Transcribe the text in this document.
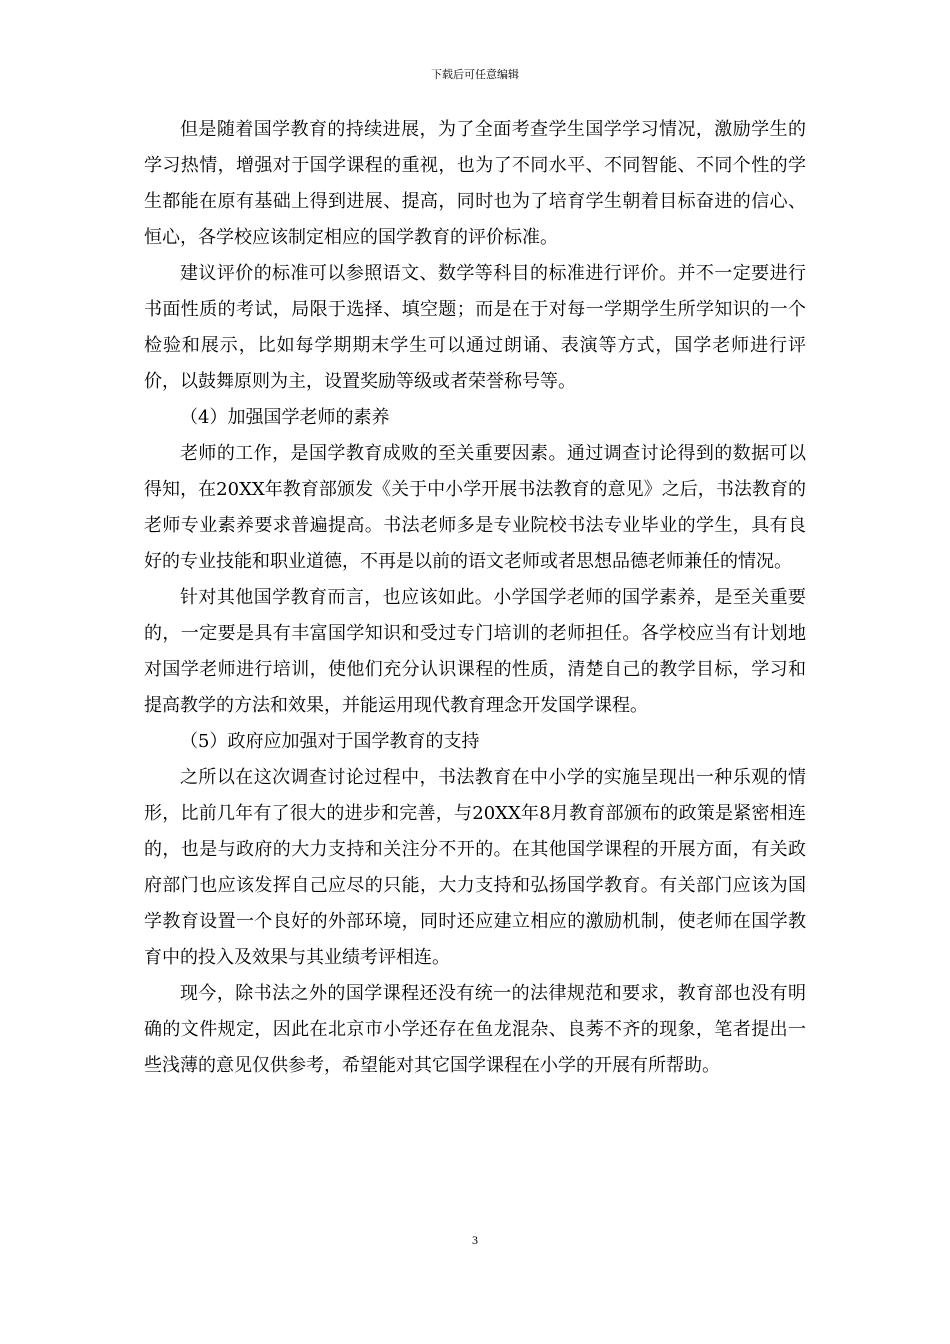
下载后可任意编辑

但是随着国学教育的持续进展，为了全面考查学生国学学习情况，激励学生的学习热情，增强对于国学课程的重视，也为了不同水平、不同智能、不同个性的学生都能在原有基础上得到进展、提高，同时也为了培育学生朝着目标奋进的信心、恒心，各学校应该制定相应的国学教育的评价标准。

建议评价的标准可以参照语文、数学等科目的标准进行评价。并不一定要进行书面性质的考试，局限于选择、填空题；而是在于对每一学期学生所学知识的一个检验和展示，比如每学期期末学生可以通过朗诵、表演等方式，国学老师进行评价，以鼓舞原则为主，设置奖励等级或者荣誉称号等。

（4）加强国学老师的素养

老师的工作，是国学教育成败的至关重要因素。通过调查讨论得到的数据可以得知，在20XX年教育部颁发《关于中小学开展书法教育的意见》之后，书法教育的老师专业素养要求普遍提高。书法老师多是专业院校书法专业毕业的学生，具有良好的专业技能和职业道德，不再是以前的语文老师或者思想品德老师兼任的情况。

针对其他国学教育而言，也应该如此。小学国学老师的国学素养，是至关重要的，一定要是具有丰富国学知识和受过专门培训的老师担任。各学校应当有计划地对国学老师进行培训，使他们充分认识课程的性质，清楚自己的教学目标，学习和提高教学的方法和效果，并能运用现代教育理念开发国学课程。

（5）政府应加强对于国学教育的支持

之所以在这次调查讨论过程中，书法教育在中小学的实施呈现出一种乐观的情形，比前几年有了很大的进步和完善，与20XX年8月教育部颁布的政策是紧密相连的，也是与政府的大力支持和关注分不开的。在其他国学课程的开展方面，有关政府部门也应该发挥自己应尽的只能，大力支持和弘扬国学教育。有关部门应该为国学教育设置一个良好的外部环境，同时还应建立相应的激励机制，使老师在国学教育中的投入及效果与其业绩考评相连。

现今，除书法之外的国学课程还没有统一的法律规范和要求，教育部也没有明确的文件规定，因此在北京市小学还存在鱼龙混杂、良莠不齐的现象，笔者提出一些浅薄的意见仅供参考，希望能对其它国学课程在小学的开展有所帮助。

3
